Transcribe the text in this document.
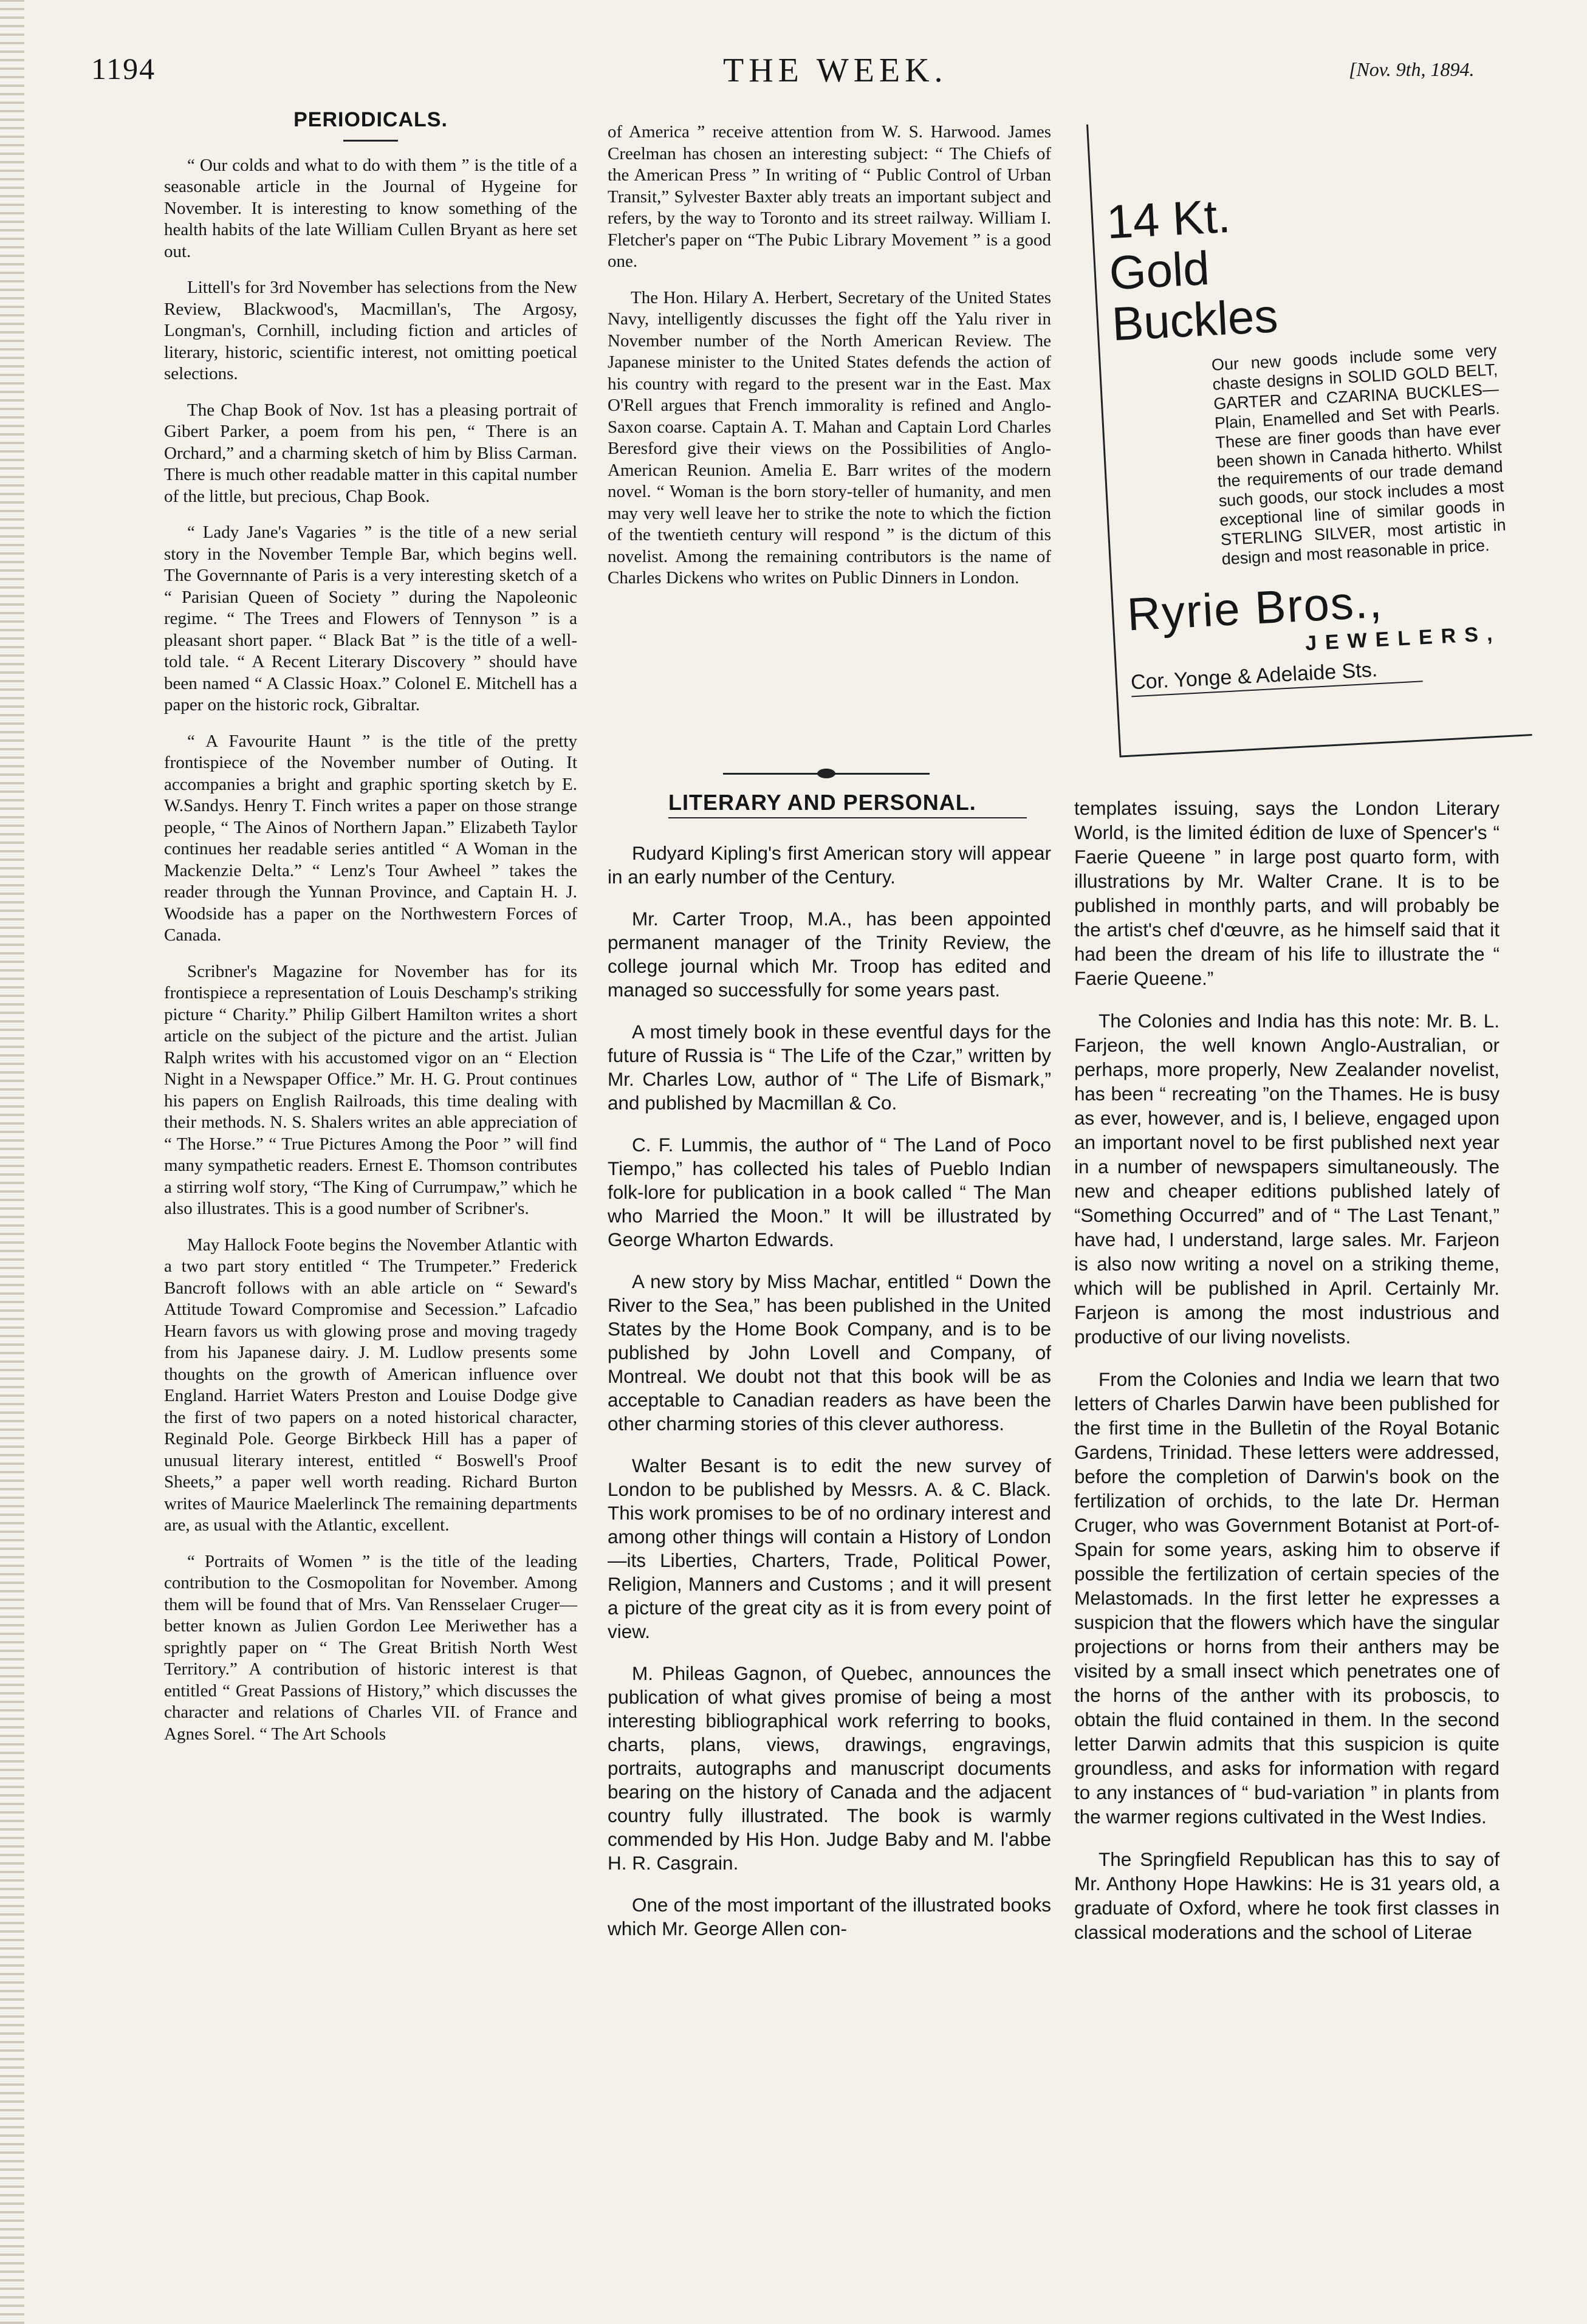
1194	THE WEEK.	[Nov. 9th, 1894.
PERIODICALS.

“ Our colds and what to do with them ” is the title of a seasonable article in the Journal of Hygeine for November. It is interesting to know something of the health habits of the late William Cullen Bryant as here set out.

Littell's for 3rd November has selections from the New Review, Blackwood's, Macmillan's, The Argosy, Longman's, Cornhill, including fiction and articles of literary, historic, scientific interest, not omitting poetical selections.

The Chap Book of Nov. 1st has a pleasing portrait of Gibert Parker, a poem from his pen, “ There is an Orchard,” and a charming sketch of him by Bliss Carman. There is much other readable matter in this capital number of the little, but precious, Chap Book.

“ Lady Jane's Vagaries ” is the title of a new serial story in the November Temple Bar, which begins well. The Governnante of Paris is a very interesting sketch of a “ Parisian Queen of Society ” during the Napoleonic regime. “ The Trees and Flowers of Tennyson ” is a pleasant short paper. “ Black Bat ” is the title of a well-told tale. “ A Recent Literary Discovery ” should have been named “ A Classic Hoax.” Colonel E. Mitchell has a paper on the historic rock, Gibraltar.

“ A Favourite Haunt ” is the title of the pretty frontispiece of the November number of Outing. It accompanies a bright and graphic sporting sketch by E. W.Sandys. Henry T. Finch writes a paper on those strange people, “ The Ainos of Northern Japan.” Elizabeth Taylor continues her readable series antitled “ A Woman in the Mackenzie Delta.” “ Lenz's Tour Awheel ” takes the reader through the Yunnan Province, and Captain H. J. Woodside has a paper on the Northwestern Forces of Canada.

Scribner's Magazine for November has for its frontispiece a representation of Louis Deschamp's striking picture “ Charity.” Philip Gilbert Hamilton writes a short article on the subject of the picture and the artist. Julian Ralph writes with his accustomed vigor on an “ Election Night in a Newspaper Office.” Mr. H. G. Prout continues his papers on English Railroads, this time dealing with their methods. N. S. Shalers writes an able appreciation of “ The Horse.” “ True Pictures Among the Poor ” will find many sympathetic readers. Ernest E. Thomson contributes a stirring wolf story, “The King of Currumpaw,” which he also illustrates. This is a good number of Scribner's.

May Hallock Foote begins the November Atlantic with a two part story entitled “ The Trumpeter.” Frederick Bancroft follows with an able article on “ Seward's Attitude Toward Compromise and Secession.” Lafcadio Hearn favors us with glowing prose and moving tragedy from his Japanese dairy. J. M. Ludlow presents some thoughts on the growth of American influence over England. Harriet Waters Preston and Louise Dodge give the first of two papers on a noted historical character, Reginald Pole. George Birkbeck Hill has a paper of unusual literary interest, entitled “ Boswell's Proof Sheets,” a paper well worth reading. Richard Burton writes of Maurice Maelerlinck The remaining departments are, as usual with the Atlantic, excellent.

“ Portraits of Women ” is the title of the leading contribution to the Cosmopolitan for November. Among them will be found that of Mrs. Van Rensselaer Cruger—better known as Julien Gordon Lee Meriwether has a sprightly paper on “ The Great British North West Territory.” A contribution of historic interest is that entitled “ Great Passions of History,” which discusses the character and relations of Charles VII. of France and Agnes Sorel. “ The Art Schools

of America ” receive attention from W. S. Harwood. James Creelman has chosen an interesting subject: “ The Chiefs of the American Press ” In writing of “ Public Control of Urban Transit,” Sylvester Baxter ably treats an important subject and refers, by the way to Toronto and its street railway. William I. Fletcher's paper on “The Pubic Library Movement ” is a good one.

The Hon. Hilary A. Herbert, Secretary of the United States Navy, intelligently discusses the fight off the Yalu river in November number of the North American Review. The Japanese minister to the United States defends the action of his country with regard to the present war in the East. Max O'Rell argues that French immorality is refined and Anglo-Saxon coarse. Captain A. T. Mahan and Captain Lord Charles Beresford give their views on the Possibilities of Anglo-American Reunion. Amelia E. Barr writes of the modern novel. “ Woman is the born story-teller of humanity, and men may very well leave her to strike the note to which the fiction of the twentieth century will respond ” is the dictum of this novelist. Among the remaining contributors is the name of Charles Dickens who writes on Public Dinners in London.

LITERARY AND PERSONAL.

Rudyard Kipling's first American story will appear in an early number of the Century.

Mr. Carter Troop, M.A., has been appointed permanent manager of the Trinity Review, the college journal which Mr. Troop has edited and managed so successfully for some years past.

A most timely book in these eventful days for the future of Russia is “ The Life of the Czar,” written by Mr. Charles Low, author of “ The Life of Bismark,” and published by Macmillan & Co.

C. F. Lummis, the author of “ The Land of Poco Tiempo,” has collected his tales of Pueblo Indian folk-lore for publication in a book called “ The Man who Married the Moon.” It will be illustrated by George Wharton Edwards.

A new story by Miss Machar, entitled “ Down the River to the Sea,” has been published in the United States by the Home Book Company, and is to be published by John Lovell and Company, of Montreal. We doubt not that this book will be as acceptable to Canadian readers as have been the other charming stories of this clever authoress.

Walter Besant is to edit the new survey of London to be published by Messrs. A. & C. Black. This work promises to be of no ordinary interest and among other things will contain a History of London—its Liberties, Charters, Trade, Political Power, Religion, Manners and Customs ; and it will present a picture of the great city as it is from every point of view.

M. Phileas Gagnon, of Quebec, announces the publication of what gives promise of being a most interesting bibliographical work referring to books, charts, plans, views, drawings, engravings, portraits, autographs and manuscript documents bearing on the history of Canada and the adjacent country fully illustrated. The book is warmly commended by His Hon. Judge Baby and M. l'abbe H. R. Casgrain.

One of the most important of the illustrated books which Mr. George Allen con-

14 Kt.
Gold
Buckles
Our new goods include some very chaste designs in SOLID GOLD BELT, GARTER and CZARINA BUCKLES—Plain, Enamelled and Set with Pearls. These are finer goods than have ever been shown in Canada hitherto. Whilst the requirements of our trade demand such goods, our stock includes a most exceptional line of similar goods in STERLING SILVER, most artistic in design and most reasonable in price.
Ryrie Bros.,
JEWELERS,
Cor. Yonge & Adelaide Sts.

templates issuing, says the London Literary World, is the limited édition de luxe of Spencer's “ Faerie Queene ” in large post quarto form, with illustrations by Mr. Walter Crane. It is to be published in monthly parts, and will probably be the artist's chef d'œuvre, as he himself said that it had been the dream of his life to illustrate the “ Faerie Queene.”

The Colonies and India has this note: Mr. B. L. Farjeon, the well known Anglo-Australian, or perhaps, more properly, New Zealander novelist, has been “ recreating ”on the Thames. He is busy as ever, however, and is, I believe, engaged upon an important novel to be first published next year in a number of newspapers simultaneously. The new and cheaper editions published lately of “Something Occurred” and of “ The Last Tenant,” have had, I understand, large sales. Mr. Farjeon is also now writing a novel on a striking theme, which will be published in April. Certainly Mr. Farjeon is among the most industrious and productive of our living novelists.

From the Colonies and India we learn that two letters of Charles Darwin have been published for the first time in the Bulletin of the Royal Botanic Gardens, Trinidad. These letters were addressed, before the completion of Darwin's book on the fertilization of orchids, to the late Dr. Herman Cruger, who was Government Botanist at Port-of-Spain for some years, asking him to observe if possible the fertilization of certain species of the Melastomads. In the first letter he expresses a suspicion that the flowers which have the singular projections or horns from their anthers may be visited by a small insect which penetrates one of the horns of the anther with its proboscis, to obtain the fluid contained in them. In the second letter Darwin admits that this suspicion is quite groundless, and asks for information with regard to any instances of “ bud-variation ” in plants from the warmer regions cultivated in the West Indies.

The Springfield Republican has this to say of Mr. Anthony Hope Hawkins: He is 31 years old, a graduate of Oxford, where he took first classes in classical moderations and the school of Literae
